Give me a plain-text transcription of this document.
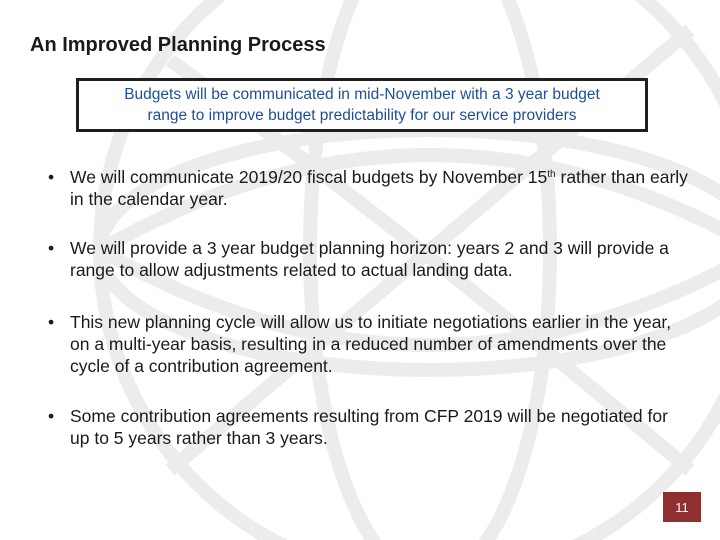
An Improved Planning Process
Budgets will be communicated in mid-November with a 3 year budget
range to improve budget predictability for our service providers
• We will communicate 2019/20 fiscal budgets by November 15th rather than early in the calendar year.
• We will provide a 3 year budget planning horizon: years 2 and 3 will provide a range to allow adjustments related to actual landing data.
• This new planning cycle will allow us to initiate negotiations earlier in the year, on a multi-year basis, resulting in a reduced number of amendments over the cycle of a contribution agreement.
• Some contribution agreements resulting from CFP 2019 will be negotiated for up to 5 years rather than 3 years.
11
